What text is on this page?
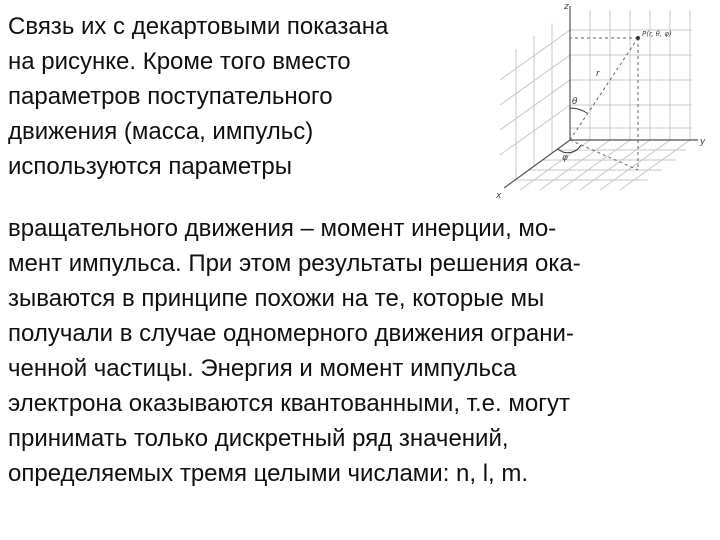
Связь их с декартовыми показана
на рисунке. Кроме того вместо
параметров поступательного
движения (масса, импульс)
используются параметры
вращательного движения – момент инерции, мо-
мент импульса. При этом результаты решения ока-
зываются в принципе похожи на те, которые мы
получали в случае одномерного движения ограни-
ченной частицы. Энергия и момент импульса
электрона оказываются квантованными, т.е. могут
принимать только дискретный ряд значений,
определяемых тремя целыми числами: n, l, m.
z
y
x
P(r, θ, φ)
r
θ
φ
